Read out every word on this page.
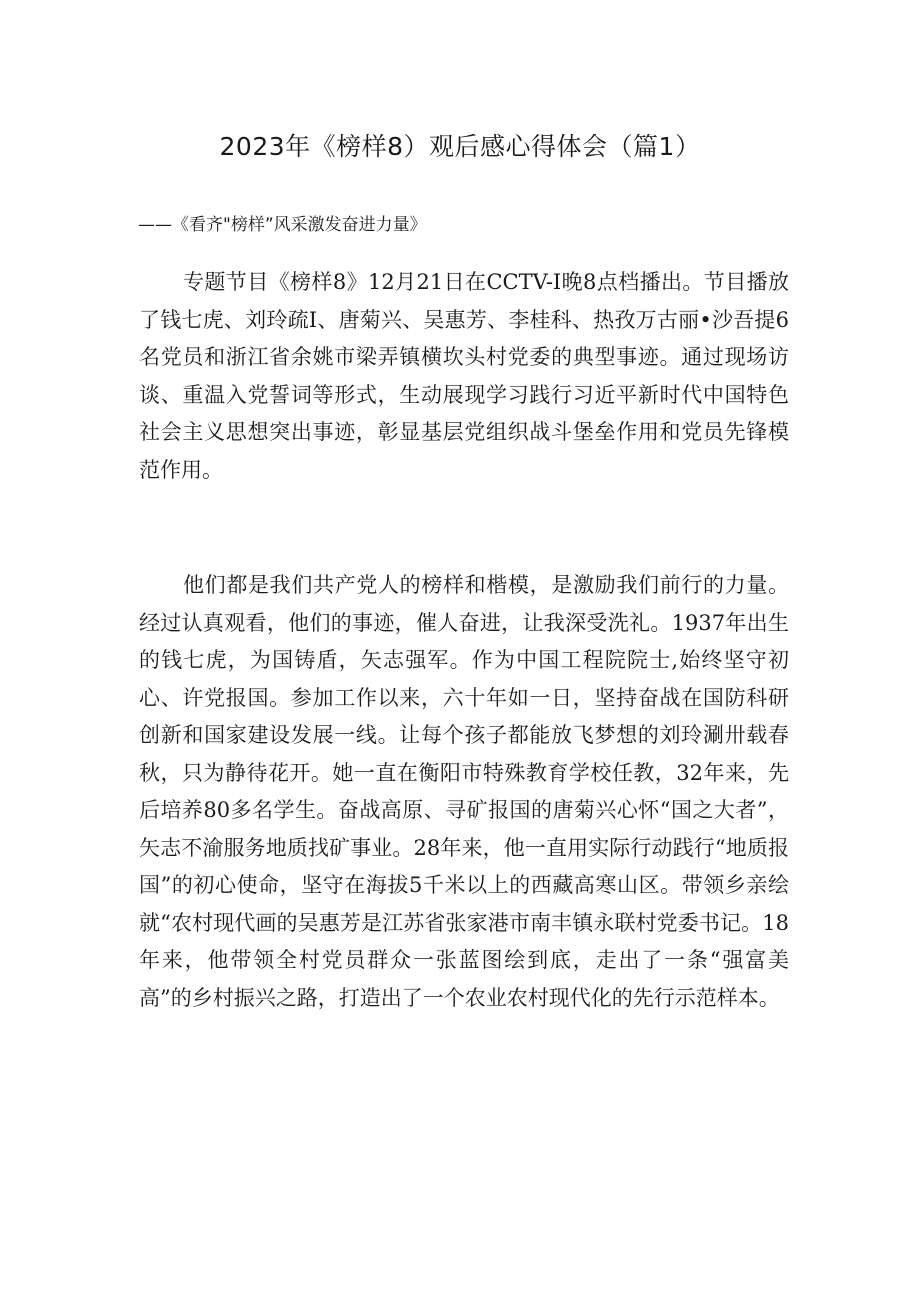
2023年《榜样8）观后感心得体会（篇1）

——《看齐"榜样”风采激发奋进力量》

专题节目《榜样8》12月21日在CCTV-I晚8点档播出。节目播放了钱七虎、刘玲疏I、唐菊兴、吴惠芳、李桂科、热孜万古丽•沙吾提6名党员和浙江省余姚市梁弄镇横坎头村党委的典型事迹。通过现场访谈、重温入党誓词等形式，生动展现学习践行习近平新时代中国特色社会主义思想突出事迹，彰显基层党组织战斗堡垒作用和党员先锋模范作用。

他们都是我们共产党人的榜样和楷模，是激励我们前行的力量。经过认真观看，他们的事迹，催人奋进，让我深受洗礼。1937年出生的钱七虎，为国铸盾，矢志强军。作为中国工程院院士,始终坚守初心、许党报国。参加工作以来，六十年如一日，坚持奋战在国防科研创新和国家建设发展一线。让每个孩子都能放飞梦想的刘玲涮卅载春秋，只为静待花开。她一直在衡阳市特殊教育学校任教，32年来，先后培养80多名学生。奋战高原、寻矿报国的唐菊兴心怀“国之大者”，矢志不渝服务地质找矿事业。28年来，他一直用实际行动践行“地质报国”的初心使命，坚守在海拔5千米以上的西藏高寒山区。带领乡亲绘就“农村现代画的吴惠芳是江苏省张家港市南丰镇永联村党委书记。18年来，他带领全村党员群众一张蓝图绘到底，走出了一条“强富美高”的乡村振兴之路，打造出了一个农业农村现代化的先行示范样本。
